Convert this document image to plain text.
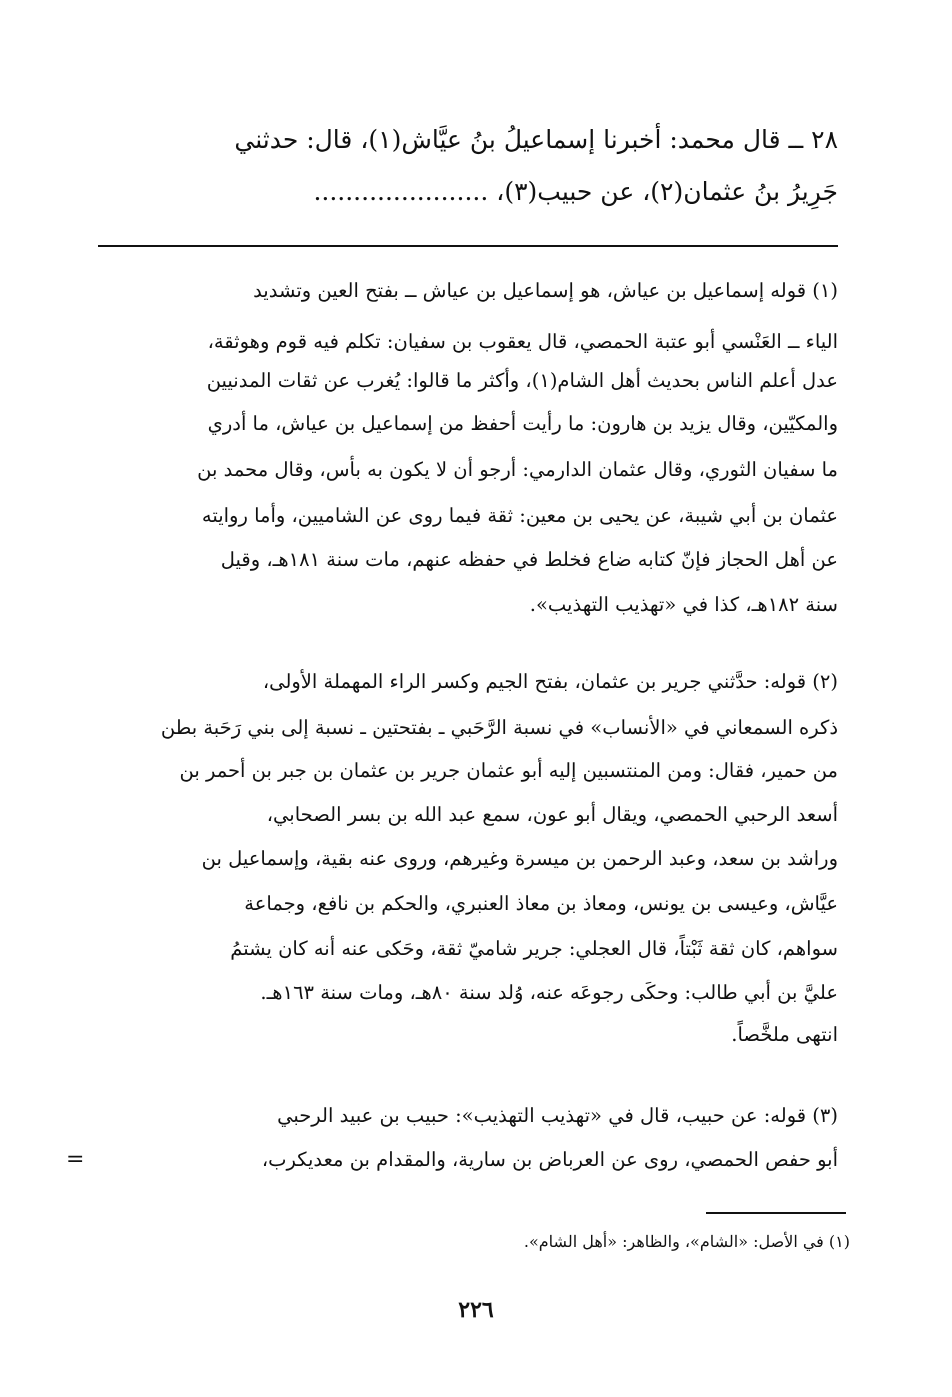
٢٨ ــ قال محمد: أخبرنا إسماعيلُ بنُ عيَّاش(١)، قال: حدثني
جَرِيرُ بنُ عثمان(٢)، عن حبيب(٣)، ......................
(١) قوله إسماعيل بن عياش، هو إسماعيل بن عياش ــ بفتح العين وتشديد
الياء ــ العَنْسي أبو عتبة الحمصي، قال يعقوب بن سفيان: تكلم فيه قوم وهوثقة،
عدل أعلم الناس بحديث أهل الشام(١)، وأكثر ما قالوا: يُغرب عن ثقات المدنيين
والمكيّين، وقال يزيد بن هارون: ما رأيت أحفظ من إسماعيل بن عياش، ما أدري
ما سفيان الثوري، وقال عثمان الدارمي: أرجو أن لا يكون به بأس، وقال محمد بن
عثمان بن أبي شيبة، عن يحيى بن معين: ثقة فيما روى عن الشاميين، وأما روايته
عن أهل الحجاز فإنّ كتابه ضاع فخلط في حفظه عنهم، مات سنة ١٨١هـ، وقيل
سنة ١٨٢هـ، كذا في «تهذيب التهذيب».
(٢) قوله: حدَّثني جرير بن عثمان، بفتح الجيم وكسر الراء المهملة الأولى،
ذكره السمعاني في «الأنساب» في نسبة الرَّحَبي ـ بفتحتين ـ نسبة إلى بني رَحَبة بطن
من حمير، فقال: ومن المنتسبين إليه أبو عثمان جرير بن عثمان بن جبر بن أحمر بن
أسعد الرحبي الحمصي، ويقال أبو عون، سمع عبد الله بن بسر الصحابي،
وراشد بن سعد، وعبد الرحمن بن ميسرة وغيرهم، وروى عنه بقية، وإسماعيل بن
عيَّاش، وعيسى بن يونس، ومعاذ بن معاذ العنبري، والحكم بن نافع، وجماعة
سواهم، كان ثقة ثَبْتاً، قال العجلي: جرير شاميّ ثقة، وحَكى عنه أنه كان يشتمُ
عليَّ بن أبي طالب: وحكَى رجوعَه عنه، وُلد سنة ٨٠هـ، ومات سنة ١٦٣هـ.
انتهى ملخَّصاً.
(٣) قوله: عن حبيب، قال في «تهذيب التهذيب»: حبيب بن عبيد الرحبي
أبو حفص الحمصي، روى عن العرباض بن سارية، والمقدام بن معديكرب،
=
(١) في الأصل: «الشام»، والظاهر: «أهل الشام».
٢٢٦
